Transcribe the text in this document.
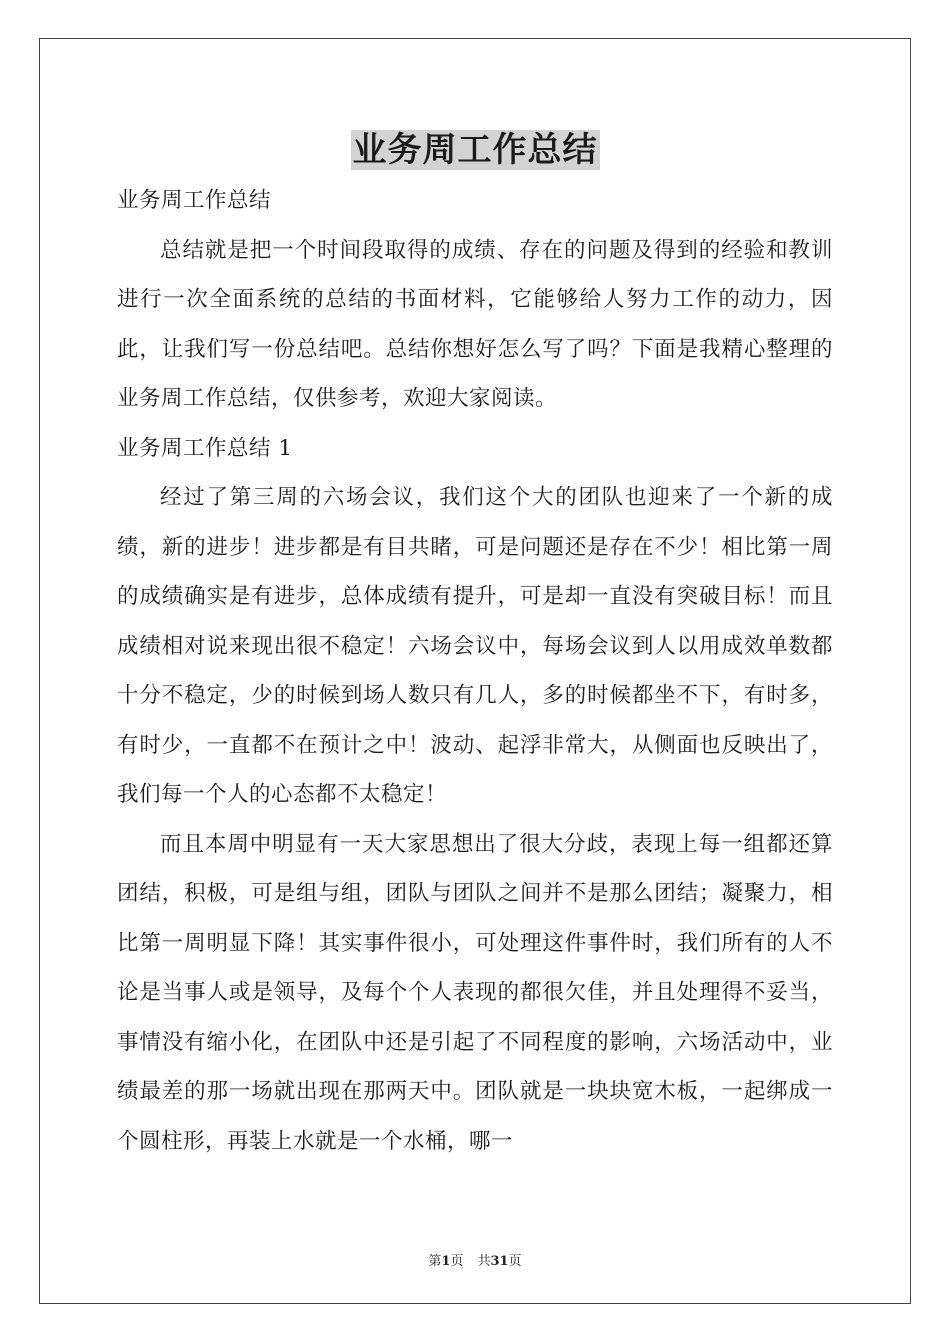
业务周工作总结

业务周工作总结

总结就是把一个时间段取得的成绩、存在的问题及得到的经验和教训进行一次全面系统的总结的书面材料，它能够给人努力工作的动力，因此，让我们写一份总结吧。总结你想好怎么写了吗？下面是我精心整理的业务周工作总结，仅供参考，欢迎大家阅读。

业务周工作总结 1

经过了第三周的六场会议，我们这个大的团队也迎来了一个新的成绩，新的进步！进步都是有目共睹，可是问题还是存在不少！相比第一周的成绩确实是有进步，总体成绩有提升，可是却一直没有突破目标！而且成绩相对说来现出很不稳定！六场会议中，每场会议到人以用成效单数都十分不稳定，少的时候到场人数只有几人，多的时候都坐不下，有时多，有时少，一直都不在预计之中！波动、起浮非常大，从侧面也反映出了，我们每一个人的心态都不太稳定！

而且本周中明显有一天大家思想出了很大分歧，表现上每一组都还算团结，积极，可是组与组，团队与团队之间并不是那么团结；凝聚力，相比第一周明显下降！其实事件很小，可处理这件事件时，我们所有的人不论是当事人或是领导，及每个个人表现的都很欠佳，并且处理得不妥当，事情没有缩小化，在团队中还是引起了不同程度的影响，六场活动中，业绩最差的那一场就出现在那两天中。团队就是一块块宽木板，一起绑成一个圆柱形，再装上水就是一个水桶，哪一

第1页 共31页
